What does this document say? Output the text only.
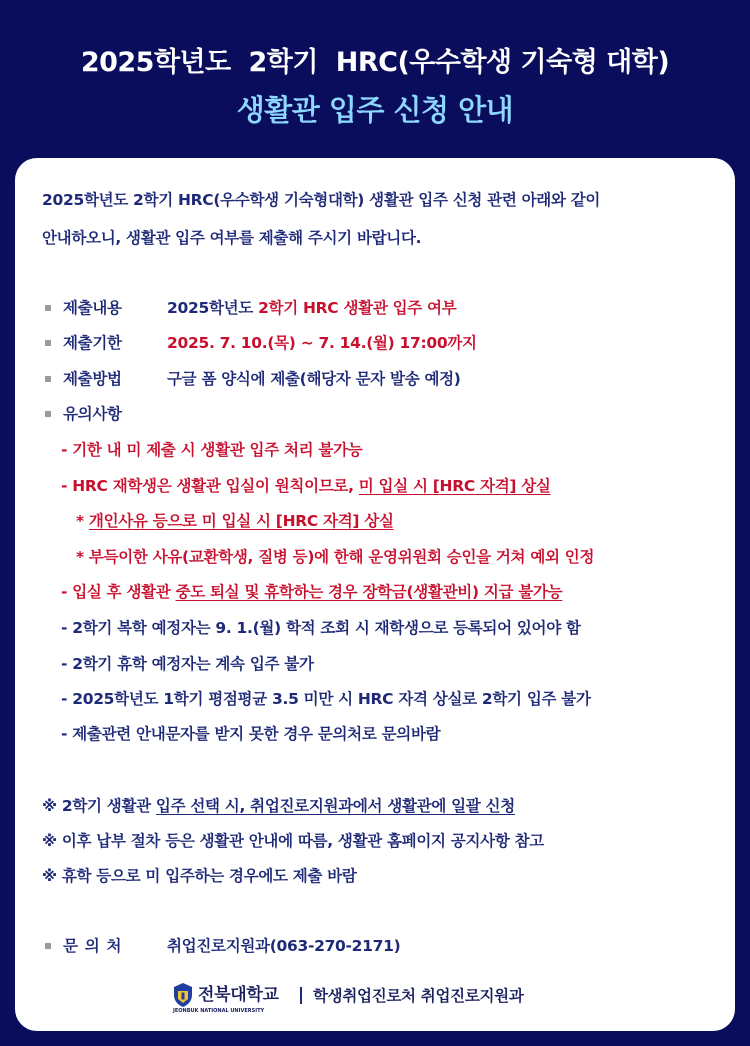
2025학년도  2학기  HRC(우수학생 기숙형 대학)
생활관 입주 신청 안내
2025학년도 2학기 HRC(우수학생 기숙형대학) 생활관 입주 신청 관련 아래와 같이
안내하오니, 생활관 입주 여부를 제출해 주시기 바랍니다.
제출내용	2025학년도 2학기 HRC 생활관 입주 여부
제출기한	2025. 7. 10.(목) ~ 7. 14.(월) 17:00까지
제출방법	구글 폼 양식에 제출(해당자 문자 발송 예정)
유의사항
- 기한 내 미 제출 시 생활관 입주 처리 불가능
- HRC 재학생은 생활관 입실이 원칙이므로, 미 입실 시 [HRC 자격] 상실
* 개인사유 등으로 미 입실 시 [HRC 자격] 상실
* 부득이한 사유(교환학생, 질병 등)에 한해 운영위원회 승인을 거쳐 예외 인정
- 입실 후 생활관 중도 퇴실 및 휴학하는 경우 장학금(생활관비) 지급 불가능
- 2학기 복학 예정자는 9. 1.(월) 학적 조회 시 재학생으로 등록되어 있어야 함
- 2학기 휴학 예정자는 계속 입주 불가
- 2025학년도 1학기 평점평균 3.5 미만 시 HRC 자격 상실로 2학기 입주 불가
- 제출관련 안내문자를 받지 못한 경우 문의처로 문의바람
※ 2학기 생활관 입주 선택 시, 취업진로지원과에서 생활관에 일괄 신청
※ 이후 납부 절차 등은 생활관 안내에 따름, 생활관 홈페이지 공지사항 참고
※ 휴학 등으로 미 입주하는 경우에도 제출 바람
문 의 처	취업진로지원과(063-270-2171)
전북대학교
JEONBUK NATIONAL UNIVERSITY
학생취업진로처 취업진로지원과
